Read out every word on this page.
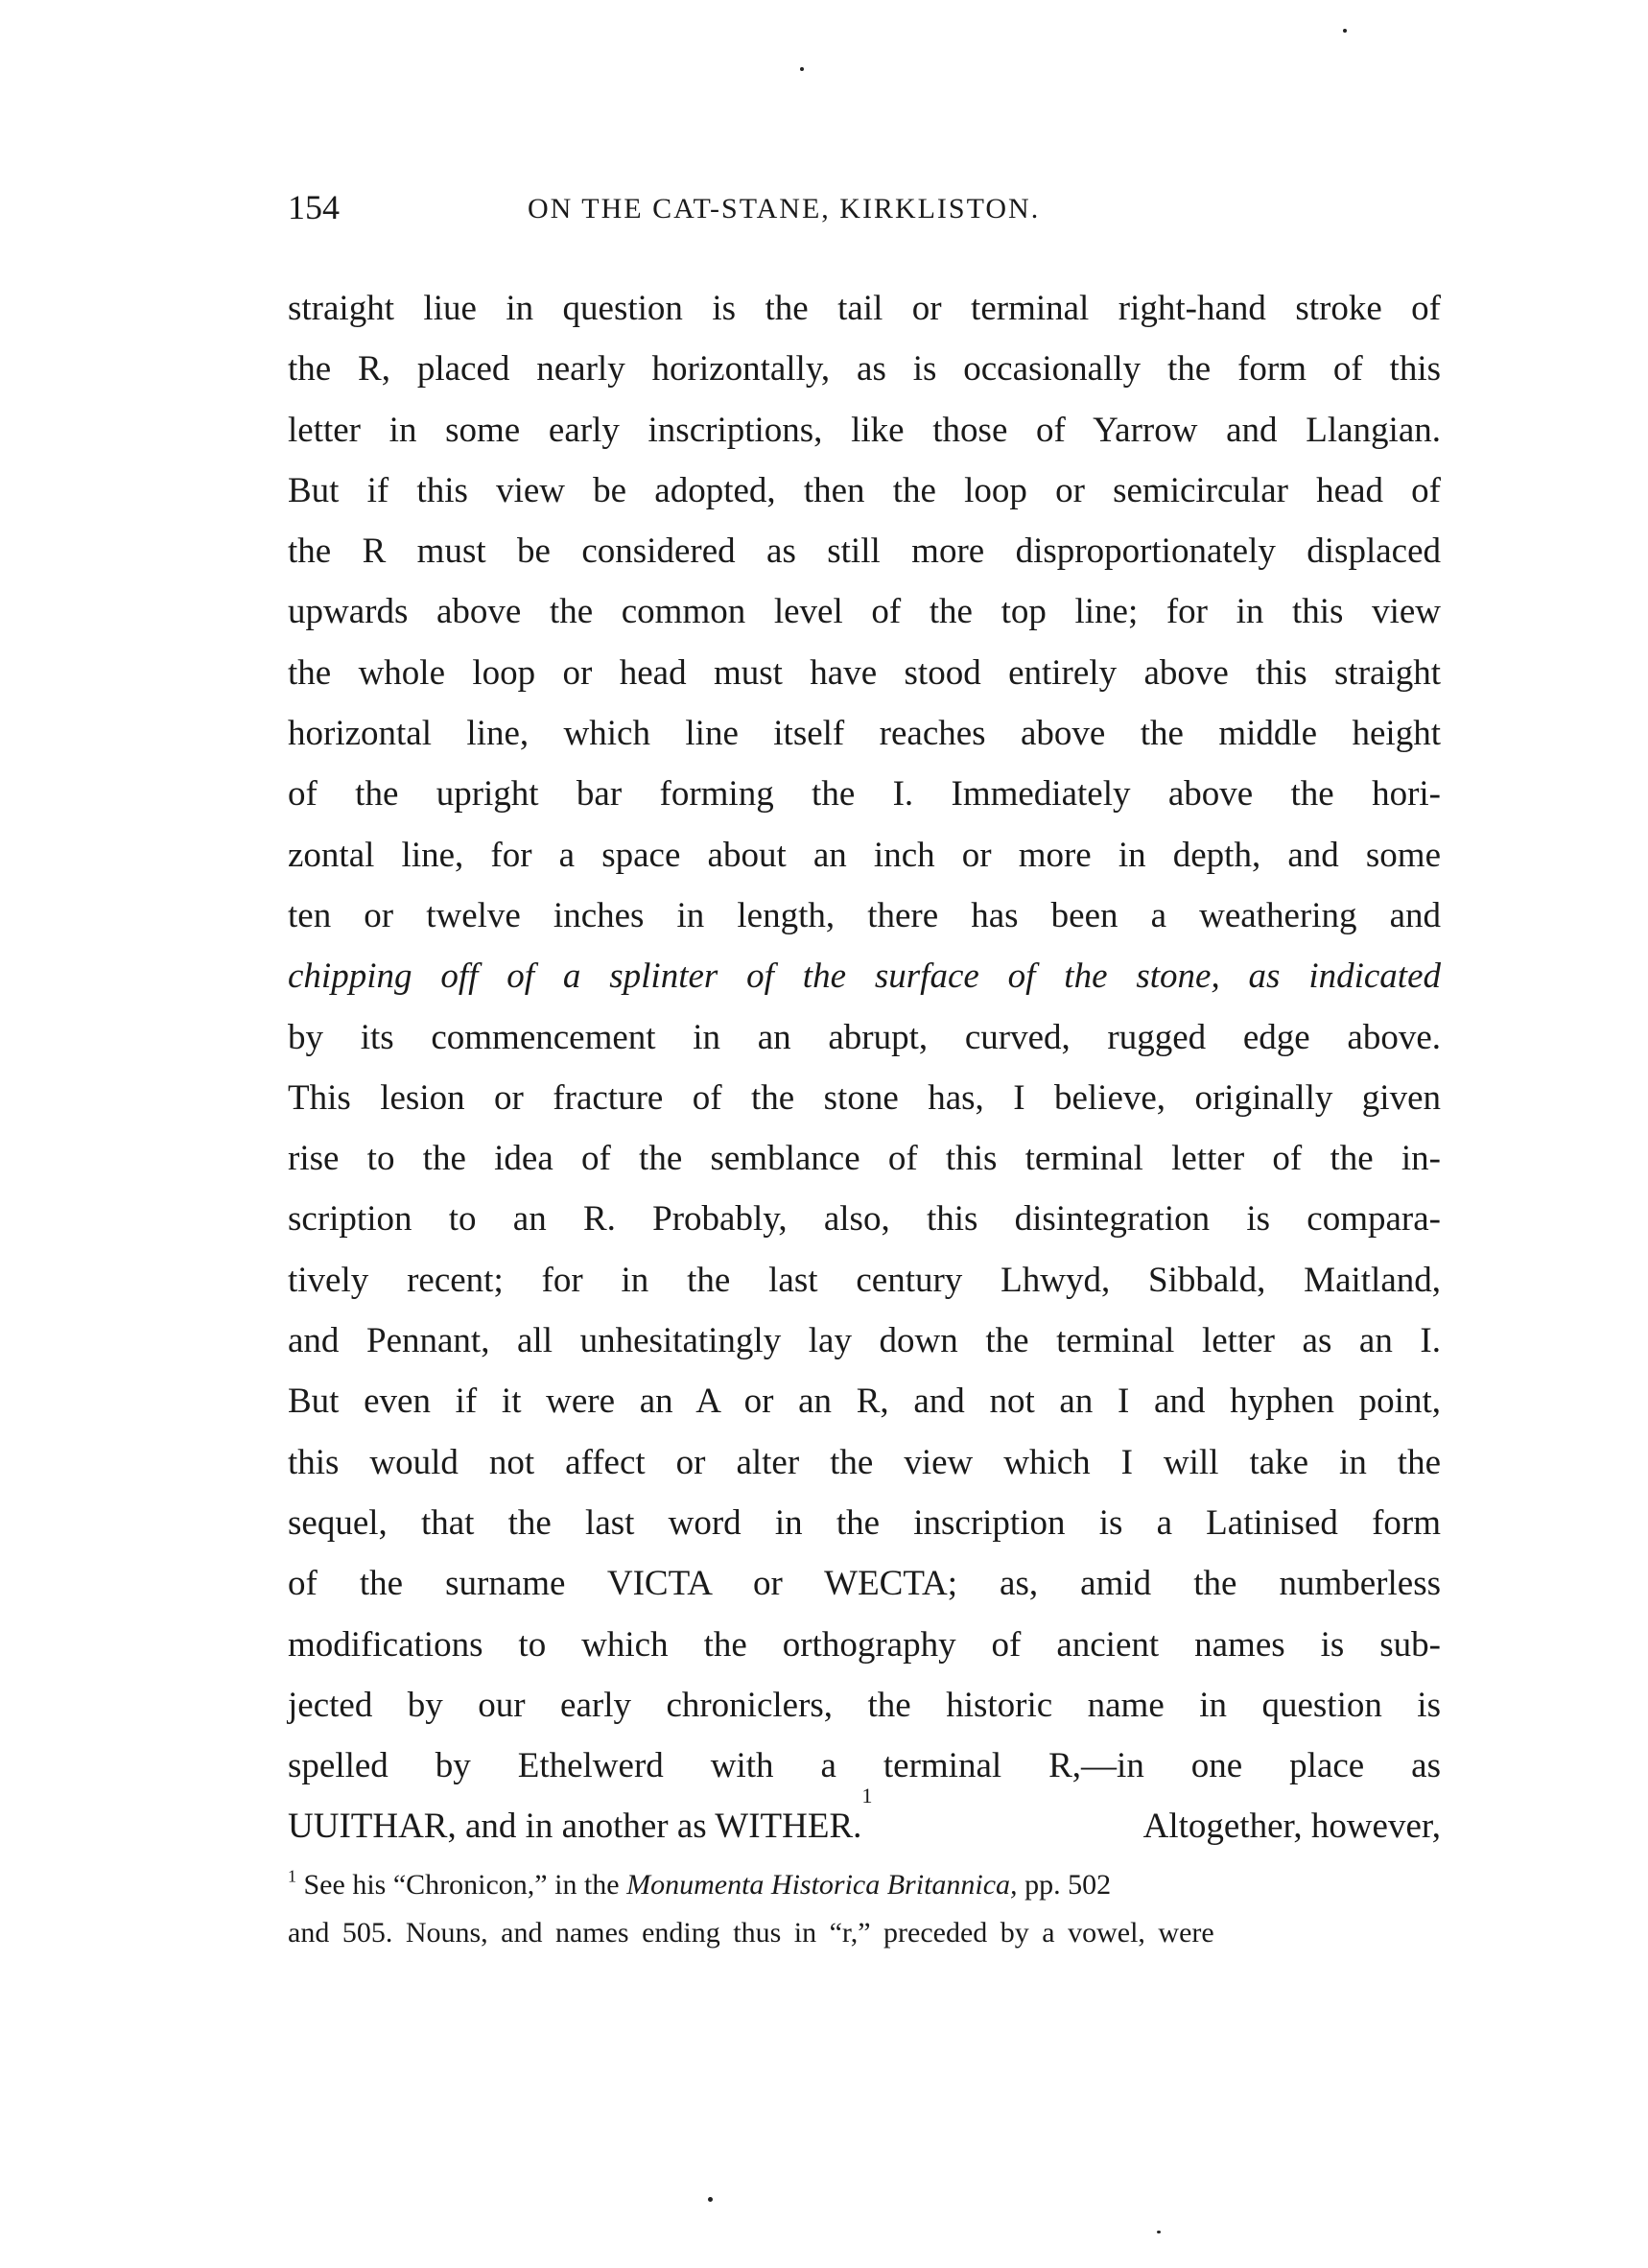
154	ON THE CAT-STANE, KIRKLISTON.
straight liue in question is the tail or terminal right-hand stroke of
the R, placed nearly horizontally, as is occasionally the form of this
letter in some early inscriptions, like those of Yarrow and Llangian.
But if this view be adopted, then the loop or semicircular head of
the R must be considered as still more disproportionately displaced
upwards above the common level of the top line; for in this view
the whole loop or head must have stood entirely above this straight
horizontal line, which line itself reaches above the middle height
of the upright bar forming the I. Immediately above the hori-
zontal line, for a space about an inch or more in depth, and some
ten or twelve inches in length, there has been a weathering and
chipping off of a splinter of the surface of the stone, as indicated
by its commencement in an abrupt, curved, rugged edge above.
This lesion or fracture of the stone has, I believe, originally given
rise to the idea of the semblance of this terminal letter of the in-
scription to an R. Probably, also, this disintegration is compara-
tively recent; for in the last century Lhwyd, Sibbald, Maitland,
and Pennant, all unhesitatingly lay down the terminal letter as an I.
But even if it were an A or an R, and not an I and hyphen point,
this would not affect or alter the view which I will take in the
sequel, that the last word in the inscription is a Latinised form
of the surname VICTA or WECTA; as, amid the numberless
modifications to which the orthography of ancient names is sub-
jected by our early chroniclers, the historic name in question is
spelled by Ethelwerd with a terminal R,—in one place as
UUITHAR, and in another as WITHER.
1
Altogether, however,
$^1$ See his “Chronicon,” in the Monumenta Historica Britannica, pp. 502
and 505. Nouns, and names ending thus in “r,” preceded by a vowel, were
